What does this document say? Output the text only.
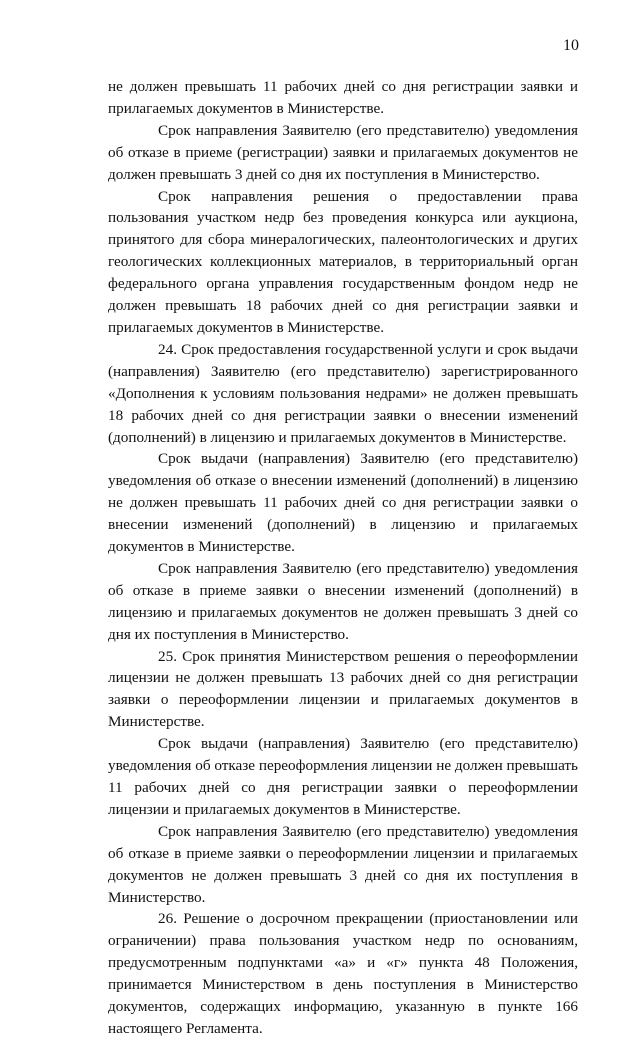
10

не должен превышать 11 рабочих дней со дня регистрации заявки и прилагаемых документов в Министерстве.

Срок направления Заявителю (его представителю) уведомления об отказе в приеме (регистрации) заявки и прилагаемых документов не должен превышать 3 дней со дня их поступления в Министерство.

Срок направления решения о предоставлении права пользования участком недр без проведения конкурса или аукциона, принятого для сбора минералогических, палеонтологических и других геологических коллекционных материалов, в территориальный орган федерального органа управления государственным фондом недр не должен превышать 18 рабочих дней со дня регистрации заявки и прилагаемых документов в Министерстве.

24. Срок предоставления государственной услуги и срок выдачи (направления) Заявителю (его представителю) зарегистрированного «Дополнения к условиям пользования недрами» не должен превышать 18 рабочих дней со дня регистрации заявки о внесении изменений (дополнений) в лицензию и прилагаемых документов в Министерстве.

Срок выдачи (направления) Заявителю (его представителю) уведомления об отказе о внесении изменений (дополнений) в лицензию не должен превышать 11 рабочих дней со дня регистрации заявки о внесении изменений (дополнений) в лицензию и прилагаемых документов в Министерстве.

Срок направления Заявителю (его представителю) уведомления об отказе в приеме заявки о внесении изменений (дополнений) в лицензию и прилагаемых документов не должен превышать 3 дней со дня их поступления в Министерство.

25. Срок принятия Министерством решения о переоформлении лицензии не должен превышать 13 рабочих дней со дня регистрации заявки о переоформлении лицензии и прилагаемых документов в Министерстве.

Срок выдачи (направления) Заявителю (его представителю) уведомления об отказе переоформления лицензии не должен превышать 11 рабочих дней со дня регистрации заявки о переоформлении лицензии и прилагаемых документов в Министерстве.

Срок направления Заявителю (его представителю) уведомления об отказе в приеме заявки о переоформлении лицензии и прилагаемых документов не должен превышать 3 дней со дня их поступления в Министерство.

26. Решение о досрочном прекращении (приостановлении или ограничении) права пользования участком недр по основаниям, предусмотренным подпунктами «а» и «г» пункта 48 Положения, принимается Министерством в день поступления в Министерство документов, содержащих информацию, указанную в пункте 166 настоящего Регламента.
